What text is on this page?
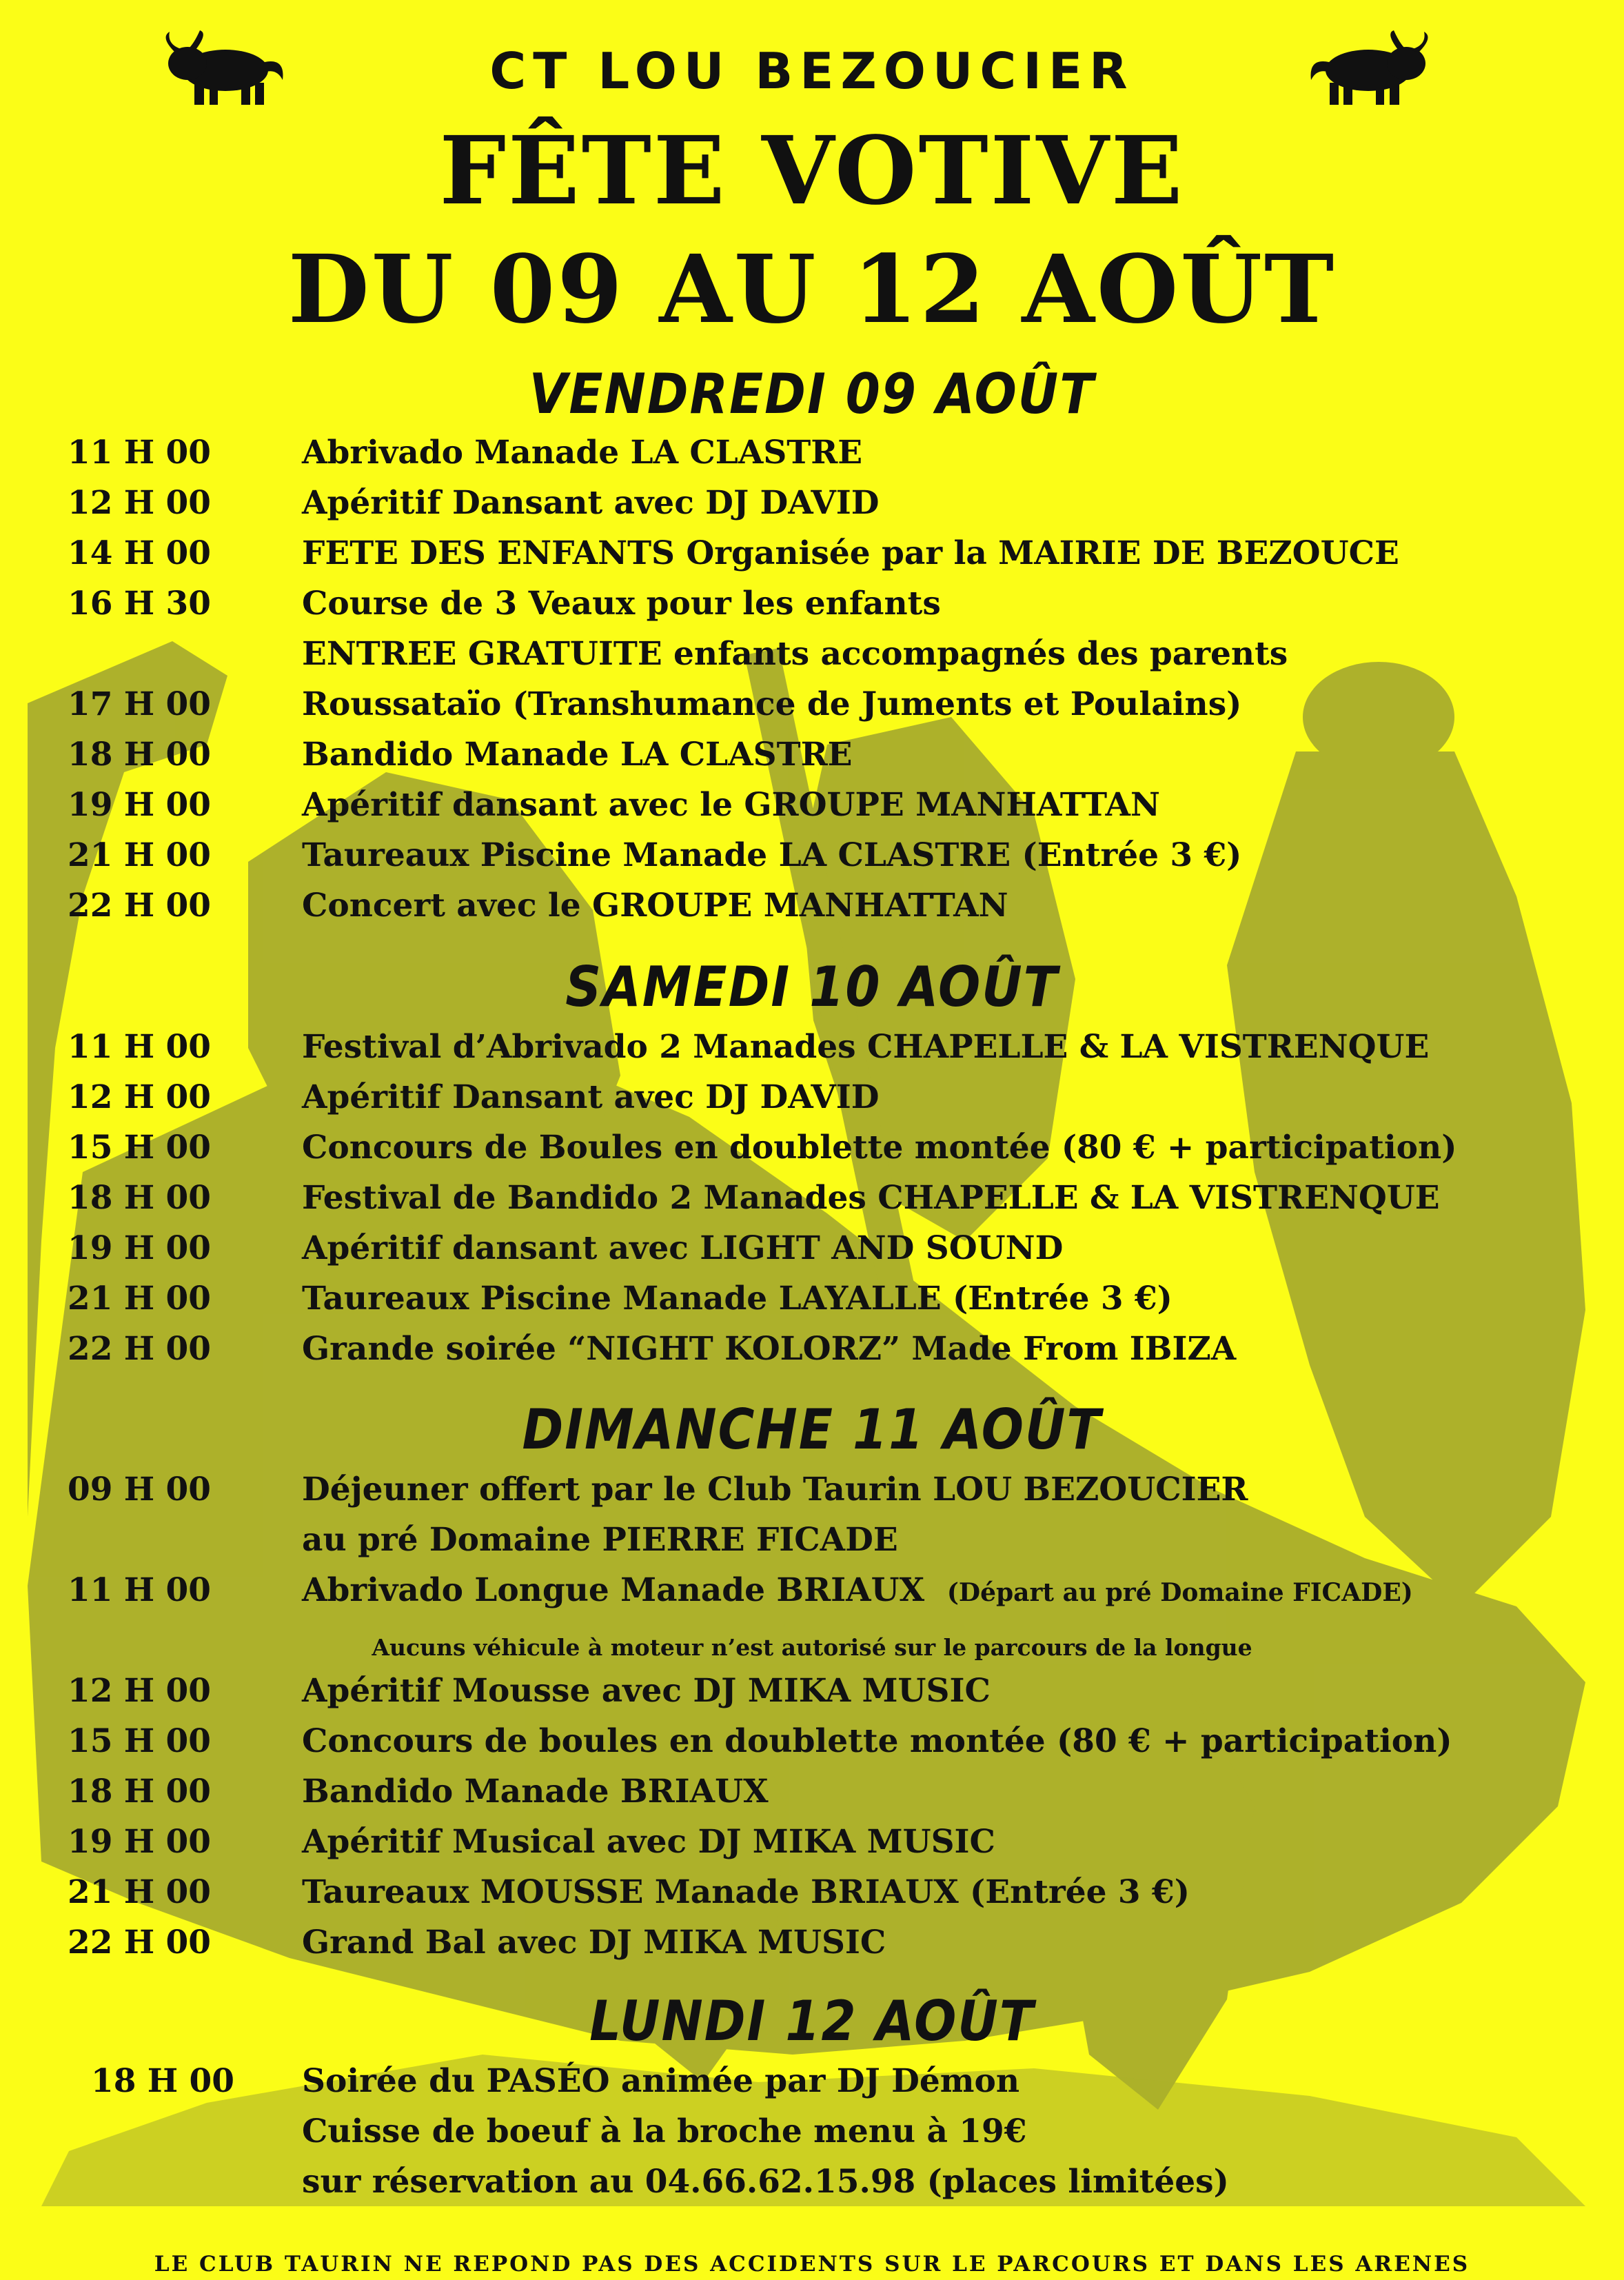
CT LOU BEZOUCIER
FÊTE VOTIVE
DU 09 AU 12 AOÛT
VENDREDI 09 AOÛT
11 H 00	Abrivado Manade LA CLASTRE
12 H 00	Apéritif Dansant avec DJ DAVID
14 H 00	FETE DES ENFANTS Organisée par la MAIRIE DE BEZOUCE
16 H 30	Course de 3 Veaux pour les enfants
ENTREE GRATUITE enfants accompagnés des parents
17 H 00	Roussataïo (Transhumance de Juments et Poulains)
18 H 00	Bandido Manade LA CLASTRE
19 H 00	Apéritif dansant avec le GROUPE MANHATTAN
21 H 00	Taureaux Piscine Manade LA CLASTRE (Entrée 3 €)
22 H 00	Concert avec le GROUPE MANHATTAN
SAMEDI 10 AOÛT
11 H 00	Festival d’Abrivado 2 Manades CHAPELLE & LA VISTRENQUE
12 H 00	Apéritif Dansant avec DJ DAVID
15 H 00	Concours de Boules en doublette montée (80 € + participation)
18 H 00	Festival de Bandido 2 Manades CHAPELLE & LA VISTRENQUE
19 H 00	Apéritif dansant avec LIGHT AND SOUND
21 H 00	Taureaux Piscine Manade LAYALLE (Entrée 3 €)
22 H 00	Grande soirée “NIGHT KOLORZ” Made From IBIZA
DIMANCHE 11 AOÛT
09 H 00	Déjeuner offert par le Club Taurin LOU BEZOUCIER
au pré Domaine PIERRE FICADE
11 H 00	Abrivado Longue Manade BRIAUX (Départ au pré Domaine FICADE)
Aucuns véhicule à moteur n’est autorisé sur le parcours de la longue
12 H 00	Apéritif Mousse avec DJ MIKA MUSIC
15 H 00	Concours de boules en doublette montée (80 € + participation)
18 H 00	Bandido Manade BRIAUX
19 H 00	Apéritif Musical avec DJ MIKA MUSIC
21 H 00	Taureaux MOUSSE Manade BRIAUX (Entrée 3 €)
22 H 00	Grand Bal avec DJ MIKA MUSIC
LUNDI 12 AOÛT
18 H 00	Soirée du PASÉO animée par DJ Démon
Cuisse de boeuf à la broche menu à 19€
sur réservation au 04.66.62.15.98 (places limitées)
LE CLUB TAURIN NE REPOND PAS DES ACCIDENTS SUR LE PARCOURS ET DANS LES ARENES
